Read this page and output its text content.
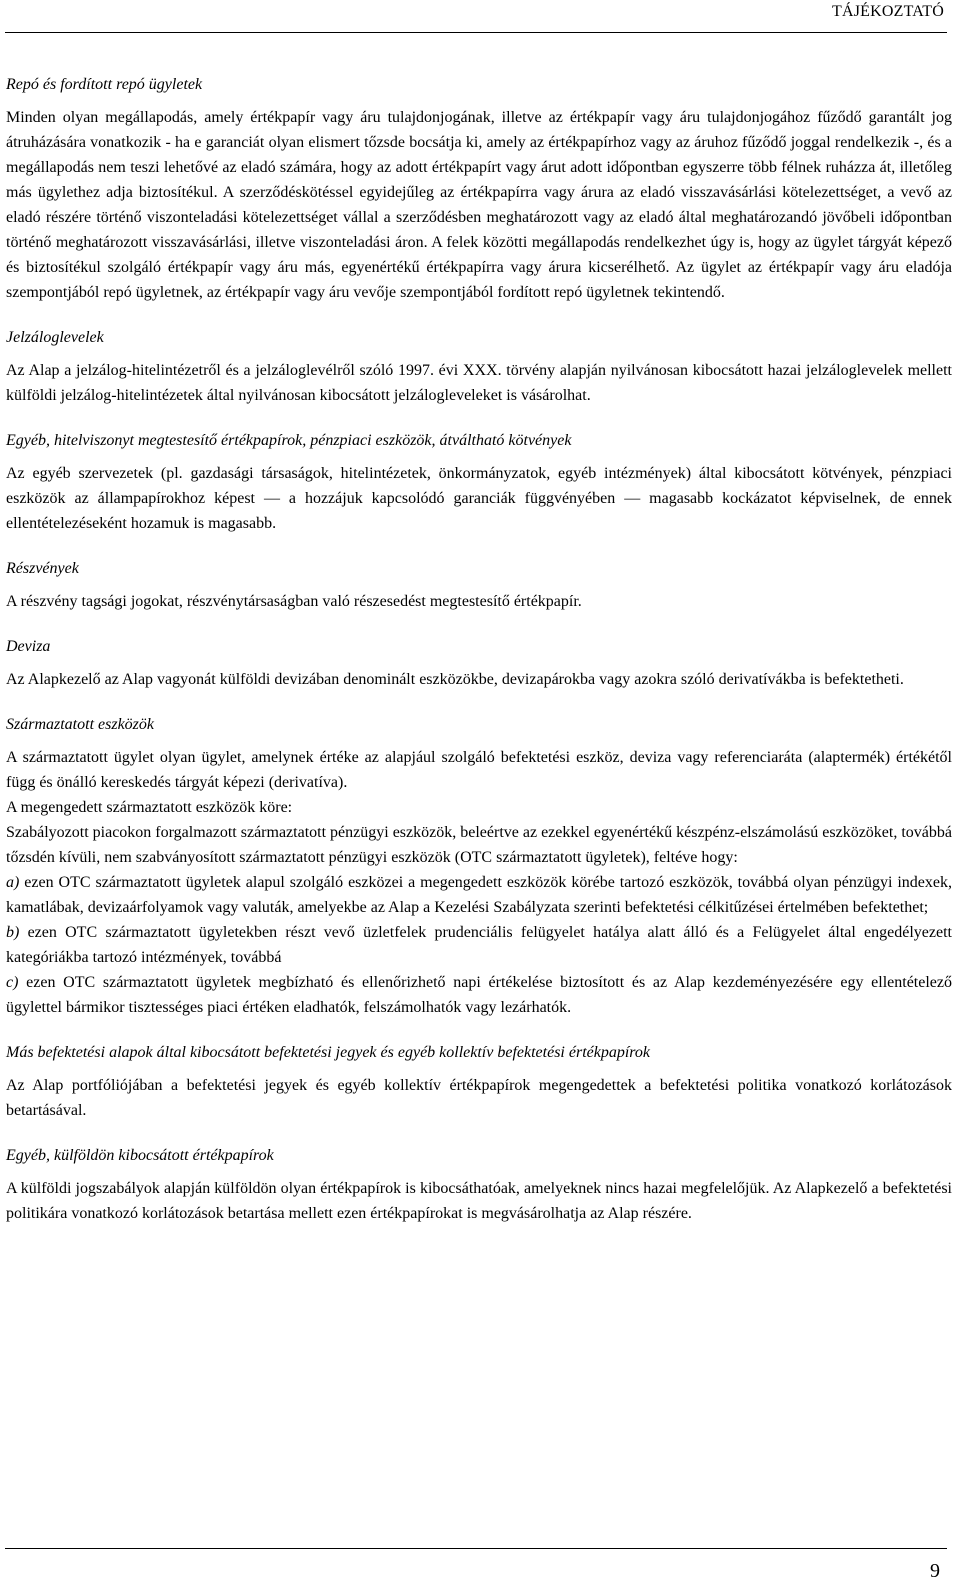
TÁJÉKOZTATÓ
Repó és fordított repó ügyletek

Minden olyan megállapodás, amely értékpapír vagy áru tulajdonjogának, illetve az értékpapír vagy áru tulajdonjogához fűződő garantált jog átruházására vonatkozik - ha e garanciát olyan elismert tőzsde bocsátja ki, amely az értékpapírhoz vagy az áruhoz fűződő joggal rendelkezik -, és a megállapodás nem teszi lehetővé az eladó számára, hogy az adott értékpapírt vagy árut adott időpontban egyszerre több félnek ruházza át, illetőleg más ügylethez adja biztosítékul. A szerződéskötéssel egyidejűleg az értékpapírra vagy árura az eladó visszavásárlási kötelezettséget, a vevő az eladó részére történő viszonteladási kötelezettséget vállal a szerződésben meghatározott vagy az eladó által meghatározandó jövőbeli időpontban történő meghatározott visszavásárlási, illetve viszonteladási áron. A felek közötti megállapodás rendelkezhet úgy is, hogy az ügylet tárgyát képező és biztosítékul szolgáló értékpapír vagy áru más, egyenértékű értékpapírra vagy árura kicserélhető. Az ügylet az értékpapír vagy áru eladója szempontjából repó ügyletnek, az értékpapír vagy áru vevője szempontjából fordított repó ügyletnek tekintendő.

Jelzáloglevelek

Az Alap a jelzálog-hitelintézetről és a jelzáloglevélről szóló 1997. évi XXX. törvény alapján nyilvánosan kibocsátott hazai jelzáloglevelek mellett külföldi jelzálog-hitelintézetek által nyilvánosan kibocsátott jelzálogleveleket is vásárolhat.

Egyéb, hitelviszonyt megtestesítő értékpapírok, pénzpiaci eszközök, átváltható kötvények

Az egyéb szervezetek (pl. gazdasági társaságok, hitelintézetek, önkormányzatok, egyéb intézmények) által kibocsátott kötvények, pénzpiaci eszközök az állampapírokhoz képest — a hozzájuk kapcsolódó garanciák függvényében — magasabb kockázatot képviselnek, de ennek ellentételezéseként hozamuk is magasabb.

Részvények

A részvény tagsági jogokat, részvénytársaságban való részesedést megtestesítő értékpapír.

Deviza

Az Alapkezelő az Alap vagyonát külföldi devizában denominált eszközökbe, devizapárokba vagy azokra szóló derivatívákba is befektetheti.

Származtatott eszközök

A származtatott ügylet olyan ügylet, amelynek értéke az alapjául szolgáló befektetési eszköz, deviza vagy referenciaráta (alaptermék) értékétől függ és önálló kereskedés tárgyát képezi (derivatíva).

A megengedett származtatott eszközök köre:

Szabályozott piacokon forgalmazott származtatott pénzügyi eszközök, beleértve az ezekkel egyenértékű készpénz-elszámolású eszközöket, továbbá tőzsdén kívüli, nem szabványosított származtatott pénzügyi eszközök (OTC származtatott ügyletek), feltéve hogy:

a) ezen OTC származtatott ügyletek alapul szolgáló eszközei a megengedett eszközök körébe tartozó eszközök, továbbá olyan pénzügyi indexek, kamatlábak, devizaárfolyamok vagy valuták, amelyekbe az Alap a Kezelési Szabályzata szerinti befektetési célkitűzései értelmében befektethet;

b) ezen OTC származtatott ügyletekben részt vevő üzletfelek prudenciális felügyelet hatálya alatt álló és a Felügyelet által engedélyezett kategóriákba tartozó intézmények, továbbá

c) ezen OTC származtatott ügyletek megbízható és ellenőrizhető napi értékelése biztosított és az Alap kezdeményezésére egy ellentételező ügylettel bármikor tisztességes piaci értéken eladhatók, felszámolhatók vagy lezárhatók.

Más befektetési alapok által kibocsátott befektetési jegyek és egyéb kollektív befektetési értékpapírok

Az Alap portfóliójában a befektetési jegyek és egyéb kollektív értékpapírok megengedettek a befektetési politika vonatkozó korlátozások betartásával.

Egyéb, külföldön kibocsátott értékpapírok

A külföldi jogszabályok alapján külföldön olyan értékpapírok is kibocsáthatóak, amelyeknek nincs hazai megfelelőjük. Az Alapkezelő a befektetési politikára vonatkozó korlátozások betartása mellett ezen értékpapírokat is megvásárolhatja az Alap részére.

9
